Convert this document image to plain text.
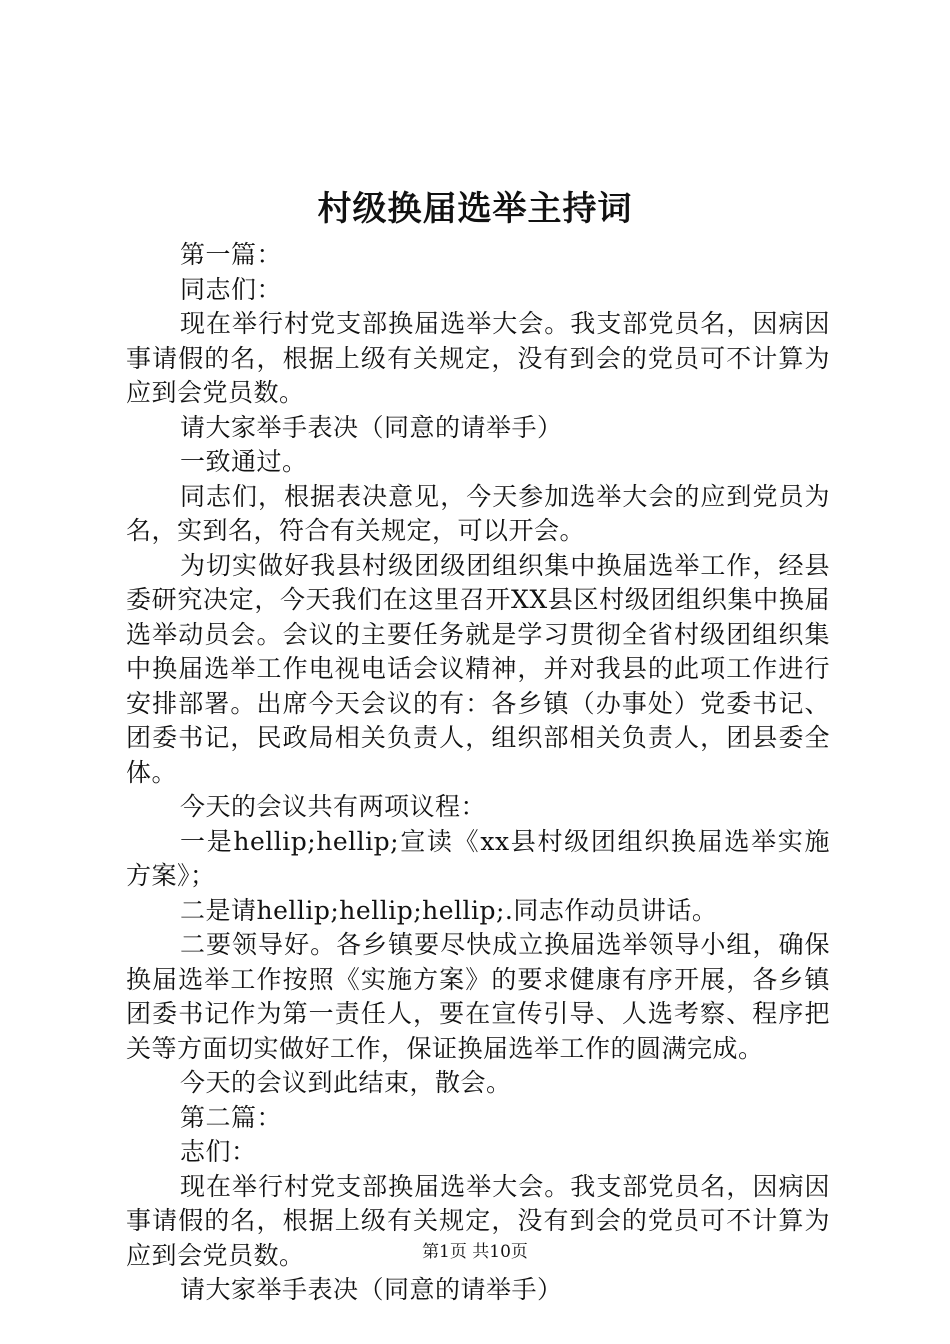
村级换届选举主持词

第一篇：

同志们：

现在举行村党支部换届选举大会。我支部党员名，因病因事请假的名，根据上级有关规定，没有到会的党员可不计算为应到会党员数。

请大家举手表决（同意的请举手）

一致通过。

同志们，根据表决意见，今天参加选举大会的应到党员为名，实到名，符合有关规定，可以开会。

为切实做好我县村级团级团组织集中换届选举工作，经县委研究决定，今天我们在这里召开XX县区村级团组织集中换届选举动员会。会议的主要任务就是学习贯彻全省村级团组织集中换届选举工作电视电话会议精神，并对我县的此项工作进行安排部署。出席今天会议的有：各乡镇（办事处）党委书记、团委书记，民政局相关负责人，组织部相关负责人，团县委全体。

今天的会议共有两项议程：

一是hellip;hellip;宣读《xx县村级团组织换届选举实施方案》；

二是请hellip;hellip;hellip;.同志作动员讲话。

二要领导好。各乡镇要尽快成立换届选举领导小组，确保换届选举工作按照《实施方案》的要求健康有序开展，各乡镇团委书记作为第一责任人，要在宣传引导、人选考察、程序把关等方面切实做好工作，保证换届选举工作的圆满完成。

今天的会议到此结束，散会。

第二篇：

志们：

现在举行村党支部换届选举大会。我支部党员名，因病因事请假的名，根据上级有关规定，没有到会的党员可不计算为应到会党员数。

请大家举手表决（同意的请举手）

第1页 共10页
